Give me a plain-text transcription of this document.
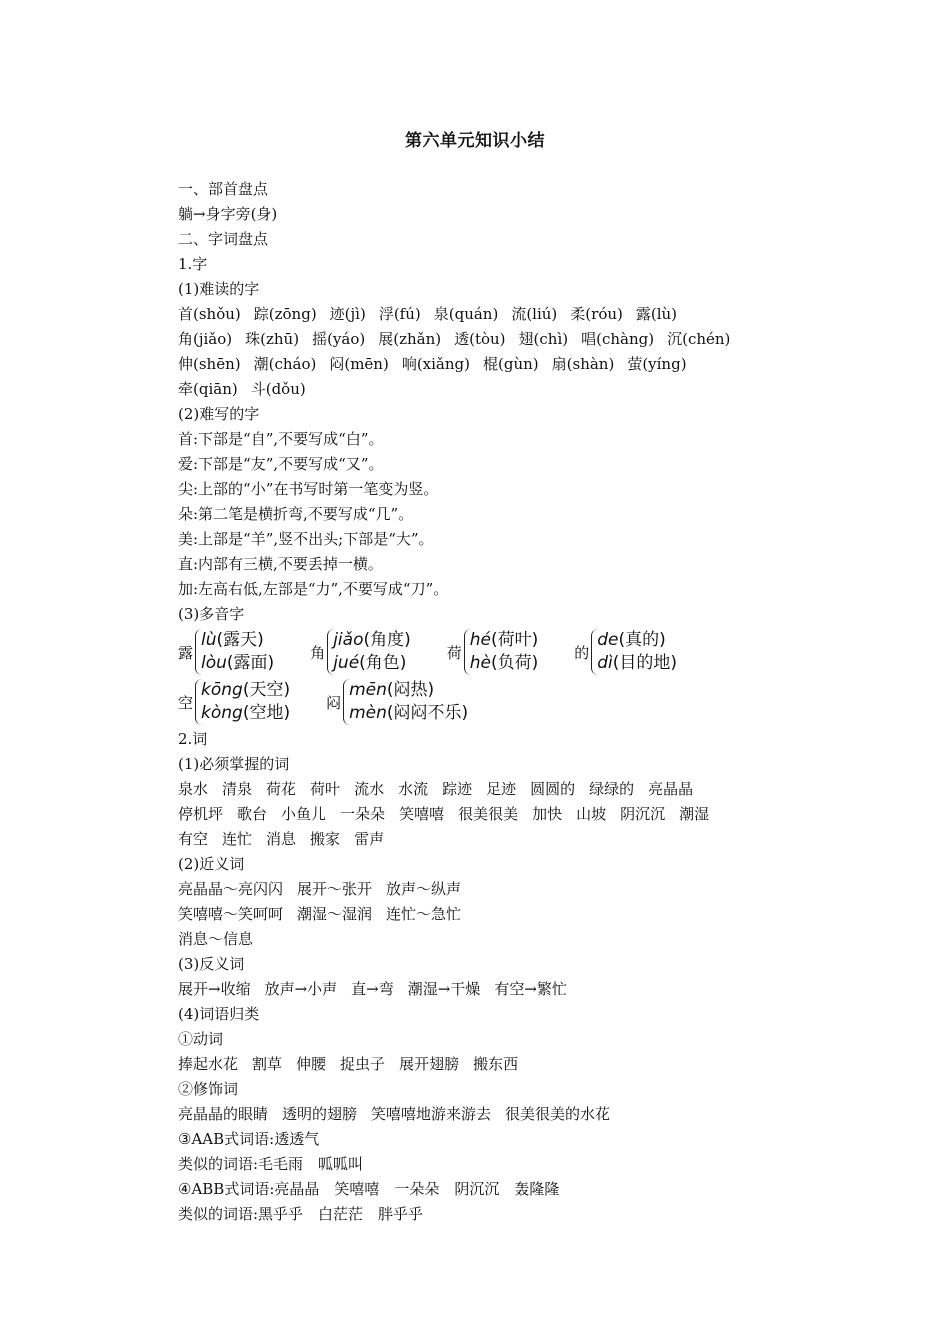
第六单元知识小结
一、部首盘点
躺→身字旁(身)
二、字词盘点
1.字
(1)难读的字
首(shǒu) 踪(zōng) 迹(jì) 浮(fú) 泉(quán) 流(liú) 柔(róu) 露(lù)
角(jiǎo) 珠(zhū) 摇(yáo) 展(zhǎn) 透(tòu) 翅(chì) 唱(chàng) 沉(chén)
伸(shēn) 潮(cháo) 闷(mēn) 响(xiǎng) 棍(gùn) 扇(shàn) 萤(yíng)
牵(qiān) 斗(dǒu)
(2)难写的字
首:下部是“自”,不要写成“白”。
爱:下部是“友”,不要写成“又”。
尖:上部的“小”在书写时第一笔变为竖。
朵:第二笔是横折弯,不要写成“几”。
美:上部是“羊”,竖不出头;下部是“大”。
直:内部有三横,不要丢掉一横。
加:左高右低,左部是“力”,不要写成“刀”。
(3)多音字
露
lù(露天)
lòu(露面)
角
jiǎo(角度)
jué(角色)
荷
hé(荷叶)
hè(负荷)
的
de(真的)
dì(目的地)
空
kōng(天空)
kòng(空地)
闷
mēn(闷热)
mèn(闷闷不乐)
2.词
(1)必须掌握的词
泉水 清泉 荷花 荷叶 流水 水流 踪迹 足迹 圆圆的 绿绿的 亮晶晶
停机坪 歌台 小鱼儿 一朵朵 笑嘻嘻 很美很美 加快 山坡 阴沉沉 潮湿
有空 连忙 消息 搬家 雷声
(2)近义词
亮晶晶～亮闪闪 展开～张开 放声～纵声
笑嘻嘻～笑呵呵 潮湿～湿润 连忙～急忙
消息～信息
(3)反义词
展开→收缩 放声→小声 直→弯 潮湿→干燥 有空→繁忙
(4)词语归类
①动词
捧起水花 割草 伸腰 捉虫子 展开翅膀 搬东西
②修饰词
亮晶晶的眼睛 透明的翅膀 笑嘻嘻地游来游去 很美很美的水花
③AAB式词语:透透气
类似的词语:毛毛雨　呱呱叫
④ABB式词语:亮晶晶　笑嘻嘻　一朵朵　阴沉沉　轰隆隆
类似的词语:黑乎乎　白茫茫　胖乎乎
